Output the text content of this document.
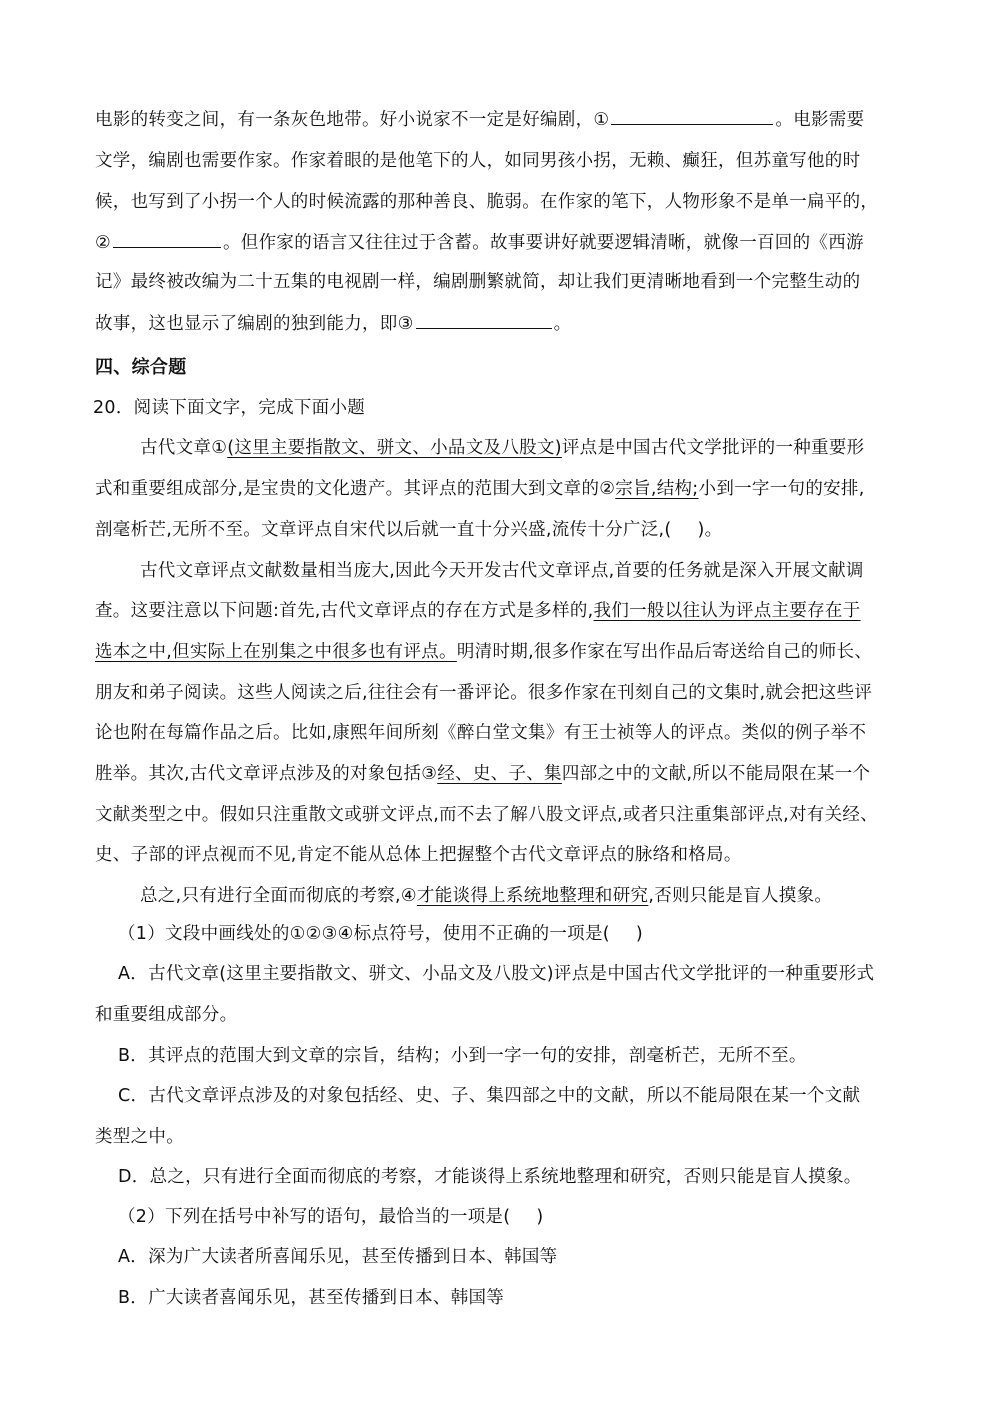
电影的转变之间，有一条灰色地带。好小说家不一定是好编剧，①	。电影需要
文学，编剧也需要作家。作家着眼的是他笔下的人，如同男孩小拐，无赖、癫狂，但苏童写他的时
候，也写到了小拐一个人的时候流露的那种善良、脆弱。在作家的笔下，人物形象不是单一扁平的，
②	。但作家的语言又往往过于含蓄。故事要讲好就要逻辑清晰，就像一百回的《西游
记》最终被改编为二十五集的电视剧一样，编剧删繁就简，却让我们更清晰地看到一个完整生动的
故事，这也显示了编剧的独到能力，即③	。
四、综合题
20．阅读下面文字，完成下面小题
古代文章①(这里主要指散文、骈文、小品文及八股文)评点是中国古代文学批评的一种重要形
式和重要组成部分,是宝贵的文化遗产。其评点的范围大到文章的②宗旨,结构;小到一字一句的安排,
剖毫析芒,无所不至。文章评点自宋代以后就一直十分兴盛,流传十分广泛,( )。
古代文章评点文献数量相当庞大,因此今天开发古代文章评点,首要的任务就是深入开展文献调
查。这要注意以下问题:首先,古代文章评点的存在方式是多样的,我们一般以往认为评点主要存在于
选本之中,但实际上在别集之中很多也有评点。明清时期,很多作家在写出作品后寄送给自己的师长、
朋友和弟子阅读。这些人阅读之后,往往会有一番评论。很多作家在刊刻自己的文集时,就会把这些评
论也附在每篇作品之后。比如,康熙年间所刻《醉白堂文集》有王士祯等人的评点。类似的例子举不
胜举。其次,古代文章评点涉及的对象包括③经、史、子、集四部之中的文献,所以不能局限在某一个
文献类型之中。假如只注重散文或骈文评点,而不去了解八股文评点,或者只注重集部评点,对有关经、
史、子部的评点视而不见,肯定不能从总体上把握整个古代文章评点的脉络和格局。
总之,只有进行全面而彻底的考察,④才能谈得上系统地整理和研究,否则只能是盲人摸象。
（1）文段中画线处的①②③④标点符号，使用不正确的一项是( )
A．古代文章(这里主要指散文、骈文、小品文及八股文)评点是中国古代文学批评的一种重要形式
和重要组成部分。
B．其评点的范围大到文章的宗旨，结构；小到一字一句的安排，剖毫析芒，无所不至。
C．古代文章评点涉及的对象包括经、史、子、集四部之中的文献，所以不能局限在某一个文献
类型之中。
D．总之，只有进行全面而彻底的考察，才能谈得上系统地整理和研究，否则只能是盲人摸象。
（2）下列在括号中补写的语句，最恰当的一项是( )
A．深为广大读者所喜闻乐见，甚至传播到日本、韩国等
B．广大读者喜闻乐见，甚至传播到日本、韩国等
